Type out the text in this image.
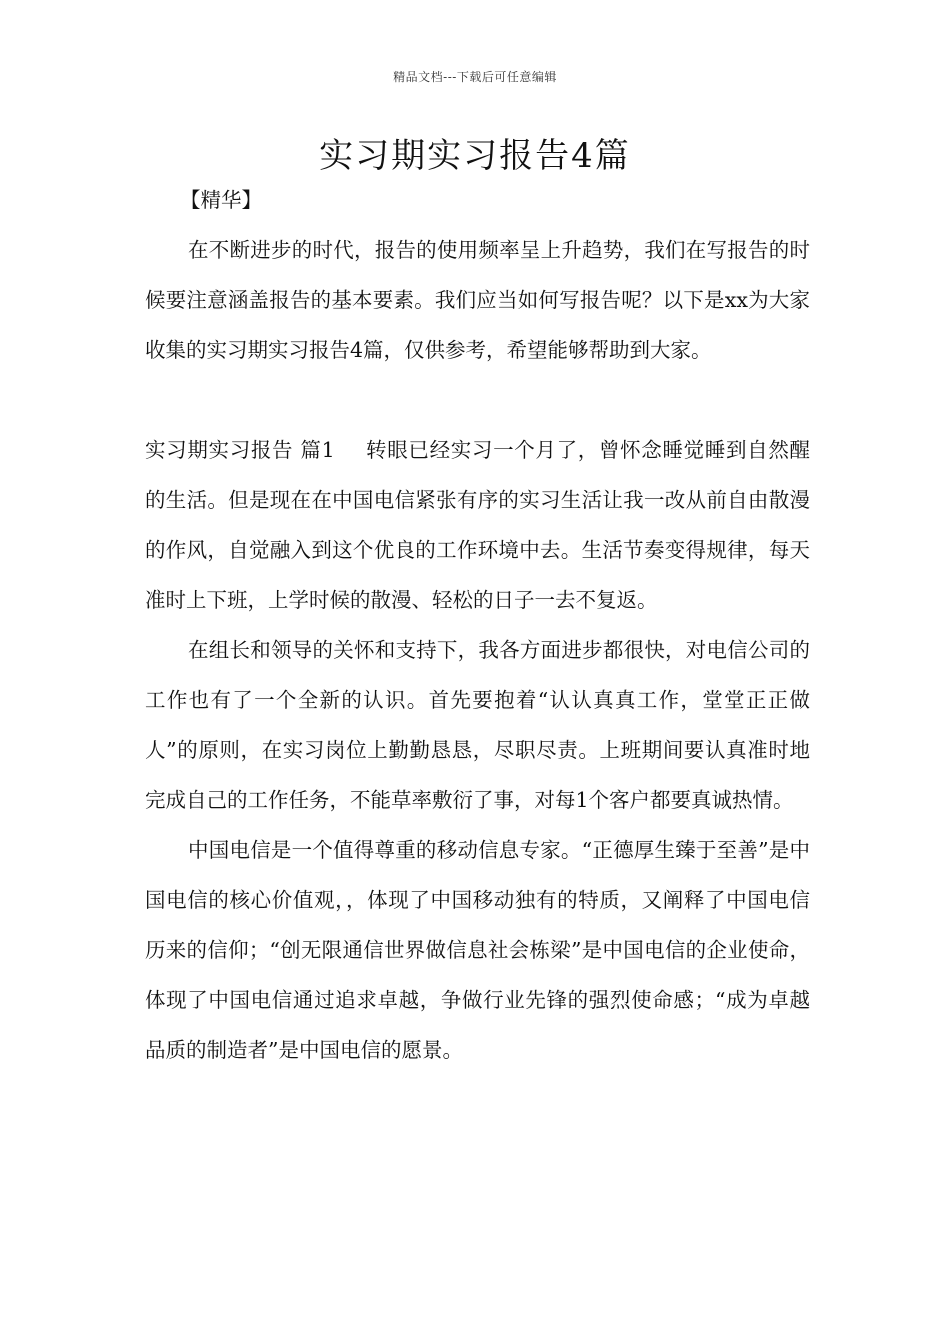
精品文档---下载后可任意编辑
实习期实习报告4篇
【精华】

在不断进步的时代，报告的使用频率呈上升趋势，我们在写报告的时候要注意涵盖报告的基本要素。我们应当如何写报告呢？以下是xx为大家收集的实习期实习报告4篇，仅供参考，希望能够帮助到大家。

实习期实习报告 篇1 转眼已经实习一个月了，曾怀念睡觉睡到自然醒的生活。但是现在在中国电信紧张有序的实习生活让我一改从前自由散漫的作风，自觉融入到这个优良的工作环境中去。生活节奏变得规律，每天准时上下班，上学时候的散漫、轻松的日子一去不复返。

在组长和领导的关怀和支持下，我各方面进步都很快，对电信公司的工作也有了一个全新的认识。首先要抱着“认认真真工作，堂堂正正做人”的原则，在实习岗位上勤勤恳恳，尽职尽责。上班期间要认真准时地完成自己的工作任务，不能草率敷衍了事，对每1个客户都要真诚热情。

中国电信是一个值得尊重的移动信息专家。“正德厚生臻于至善”是中国电信的核心价值观，，体现了中国移动独有的特质，又阐释了中国电信历来的信仰；“创无限通信世界做信息社会栋梁”是中国电信的企业使命，体现了中国电信通过追求卓越，争做行业先锋的强烈使命感；“成为卓越品质的制造者”是中国电信的愿景。
